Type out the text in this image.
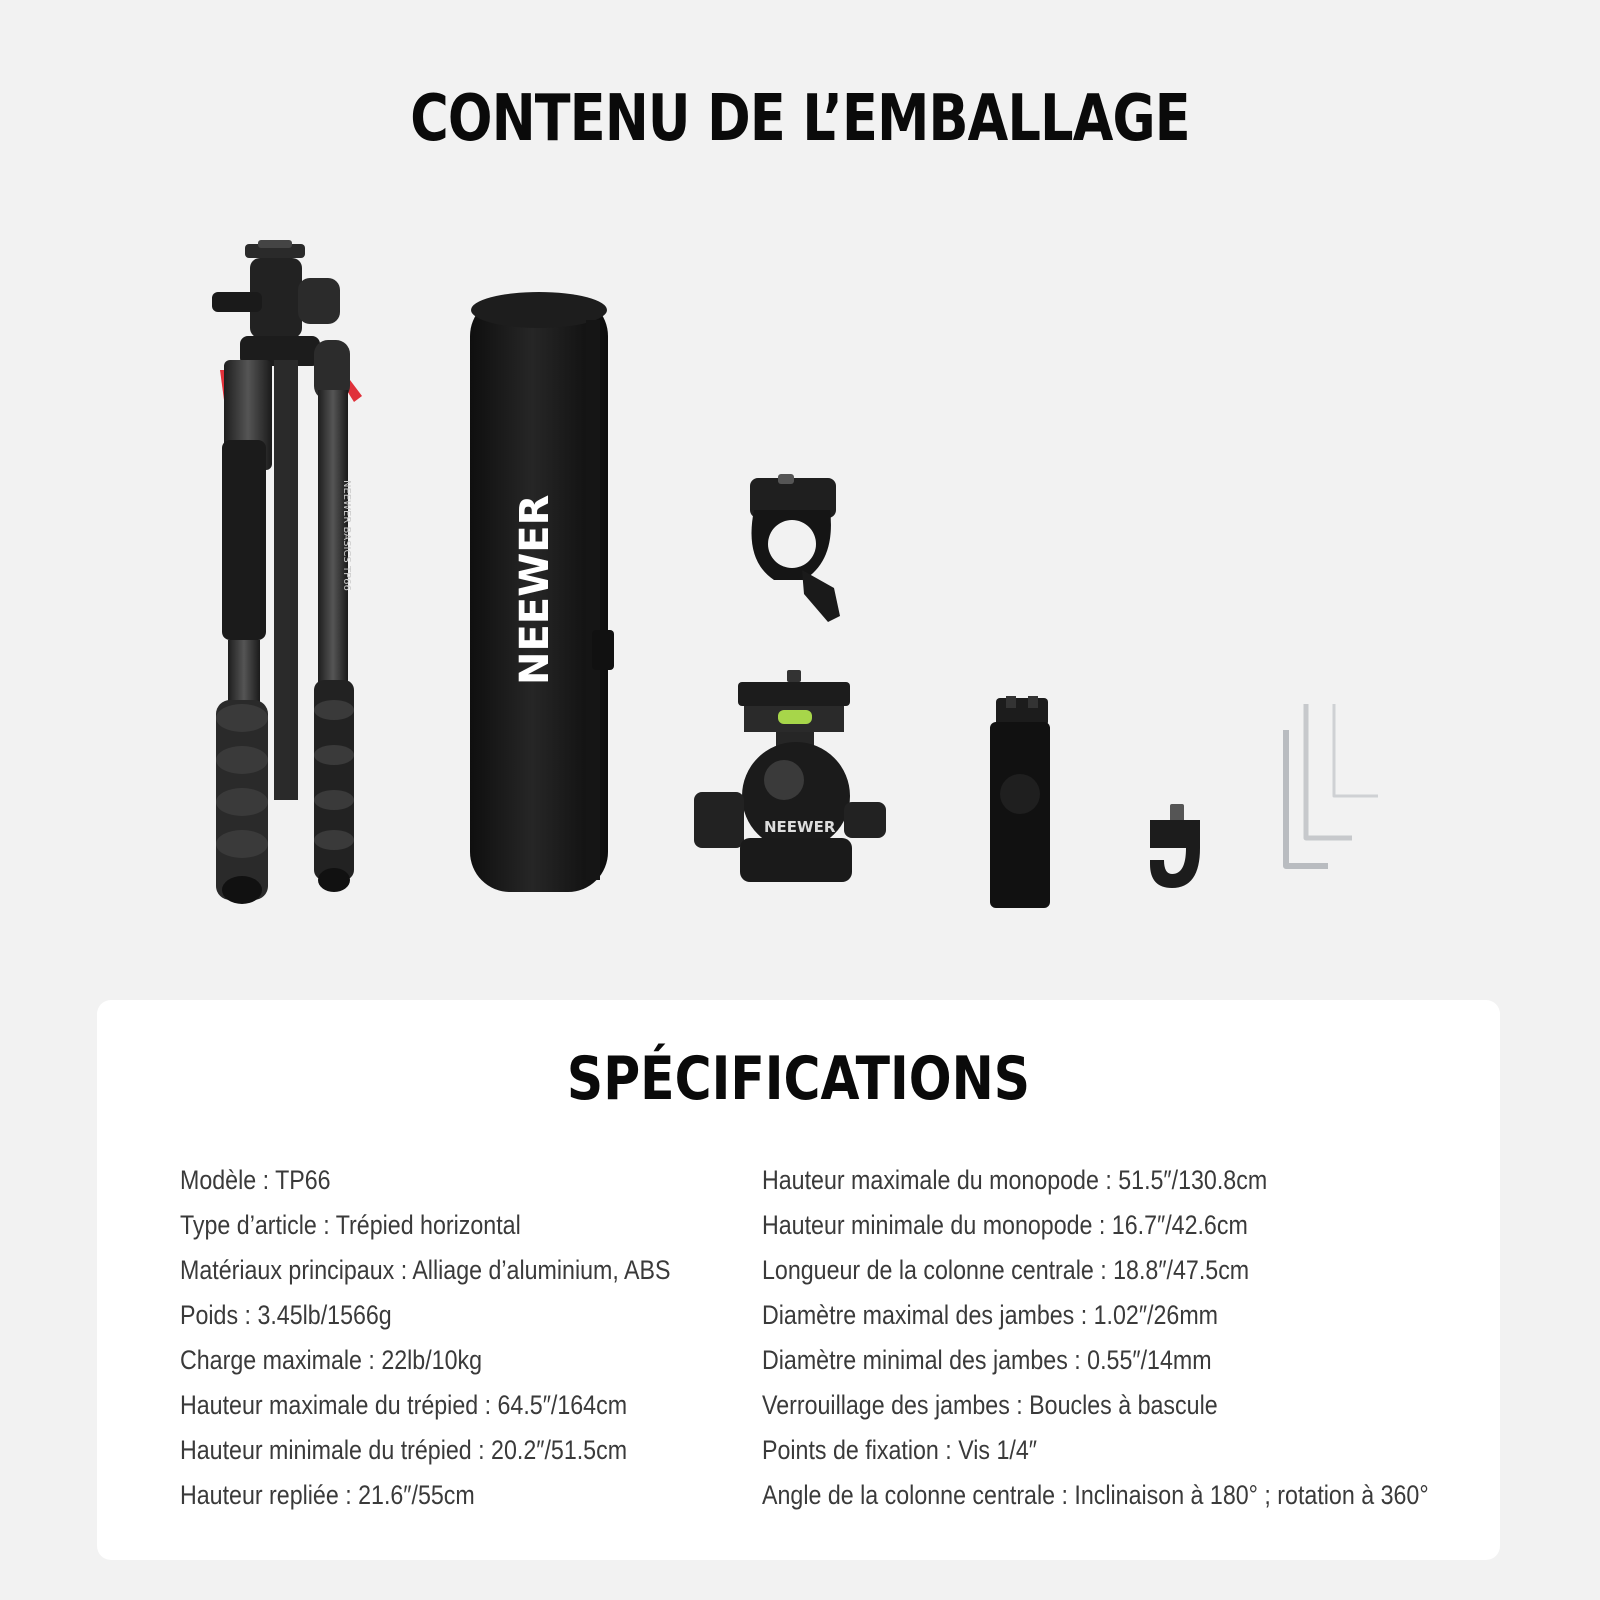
CONTENU DE L’EMBALLAGE
NEEWER BASICS TP66	NEEWER
NEEWER
SPÉCIFICATIONS
Modèle : TP66
Type d’article : Trépied horizontal
Matériaux principaux : Alliage d’aluminium, ABS
Poids : 3.45lb/1566g
Charge maximale : 22lb/10kg
Hauteur maximale du trépied : 64.5″/164cm
Hauteur minimale du trépied : 20.2″/51.5cm
Hauteur repliée : 21.6″/55cm
Hauteur maximale du monopode : 51.5″/130.8cm
Hauteur minimale du monopode : 16.7″/42.6cm
Longueur de la colonne centrale : 18.8″/47.5cm
Diamètre maximal des jambes : 1.02″/26mm
Diamètre minimal des jambes : 0.55″/14mm
Verrouillage des jambes : Boucles à bascule
Points de fixation : Vis 1/4″
Angle de la colonne centrale : Inclinaison à 180° ; rotation à 360°
